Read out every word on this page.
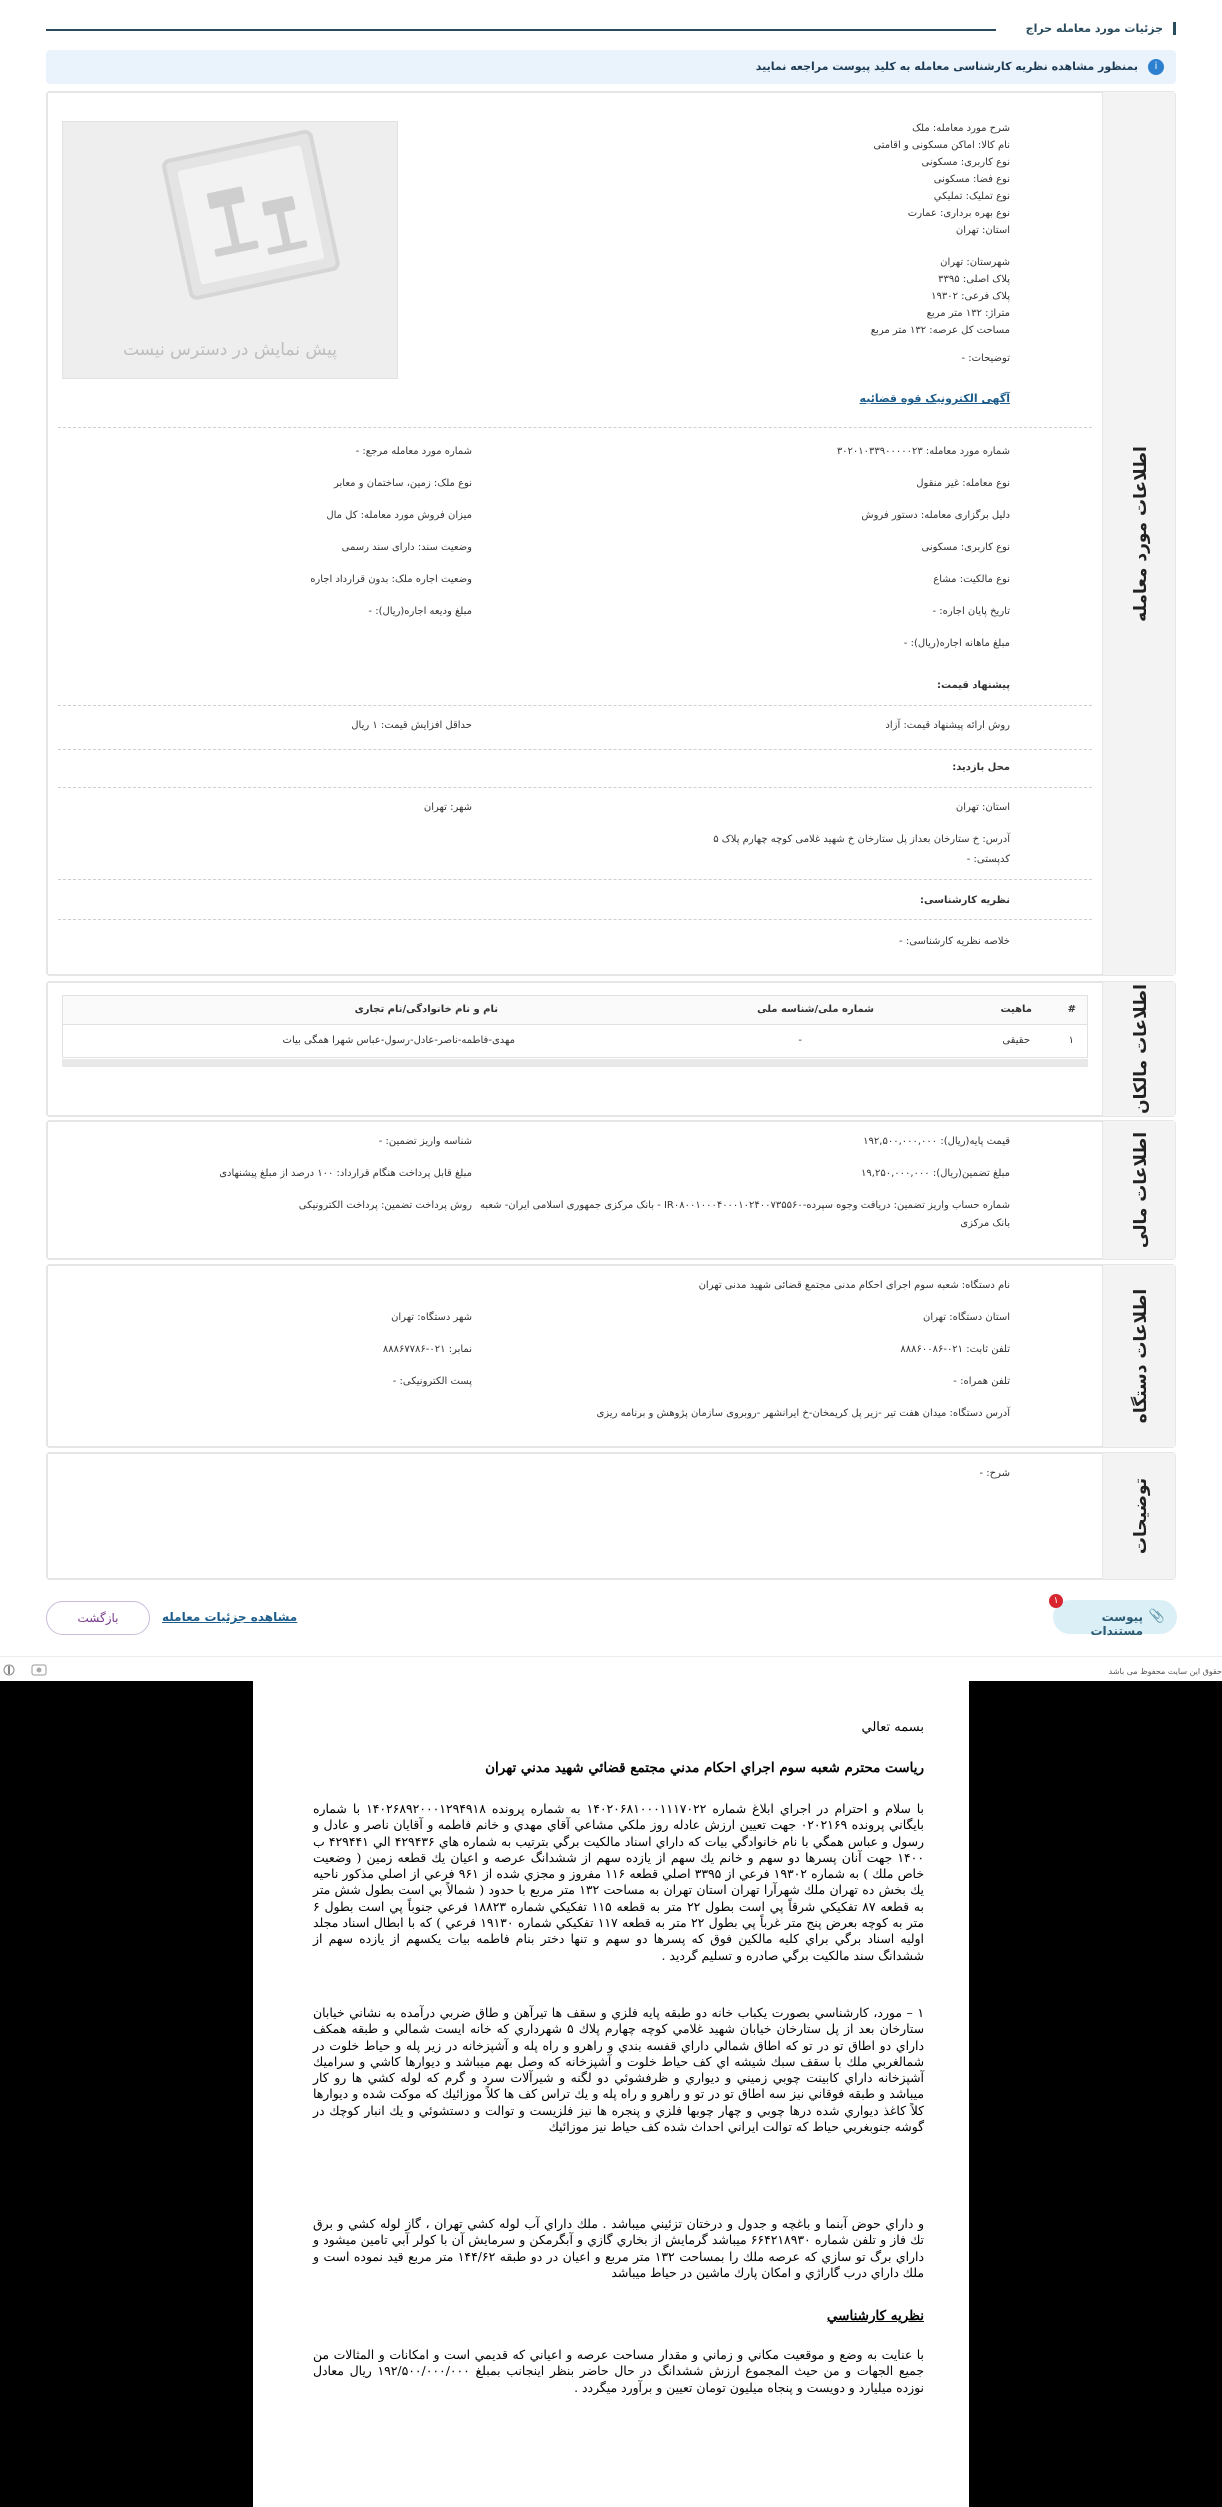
جزئیات مورد معامله حراج
i
بمنظور مشاهده نظریه کارشناسی معامله به کلید پیوست مراجعه نمایید
اطلاعات مورد معامله
پیش نمایش در دسترس نیست
شرح مورد معامله: ملک
نام کالا: اماکن مسکونی و اقامتی
نوع کاربری: مسکونی
نوع فضا: مسکونی
نوع تملیک: تمليكي
نوع بهره برداری: عمارت
استان: تهران
شهرستان: تهران
پلاک اصلی: ۳۳۹۵
پلاک فرعی: ۱۹۳۰۲
متراژ: ۱۳۲ متر مربع
مساحت کل عرصه: ۱۳۲ متر مربع
توضیحات: -
آگهی الکترونیک قوه قضائیه
شماره مورد معامله: ۳۰۲۰۱۰۳۳۹۰۰۰۰۰۲۳
نوع معامله: غیر منقول
دلیل برگزاری معامله: دستور فروش
نوع کاربری: مسکونی
نوع مالکیت: مشاع
تاریخ پایان اجاره: -
مبلغ ماهانه اجاره(ریال): -
شماره مورد معامله مرجع: -
نوع ملک: زمین، ساختمان و معابر
میزان فروش مورد معامله: کل مال
وضعیت سند: دارای سند رسمی
وضعیت اجاره ملک: بدون قرارداد اجاره
مبلغ ودیعه اجاره(ریال): -
پیشنهاد قیمت:
روش ارائه پیشنهاد قیمت: آزاد
حداقل افزایش قیمت: ۱ ریال
محل بازدید:
استان: تهران
شهر: تهران
آدرس: خ ستارخان بعداز پل ستارخان خ شهید غلامی کوچه چهارم پلاک ۵
کدپستی: -
نظریه کارشناسی:
خلاصه نظریه کارشناسی: -
اطلاعات مالکان
#
ماهیت
شماره ملی/شناسه ملی
نام و نام خانوادگی/نام تجاری
۱
حقیقی
-
مهدی-فاطمه-ناصر-عادل-رسول-عباس شهرا همگی بیات
اطلاعات مالی
قیمت پایه(ریال): ۱۹۲,۵۰۰,۰۰۰,۰۰۰
مبلغ تضمین(ریال): ۱۹,۲۵۰,۰۰۰,۰۰۰
شماره حساب واریز تضمین: دریافت وجوه سپرده-IR۰۸۰۰۱۰۰۰۴۰۰۰۱۰۲۴۰۰۷۳۵۵۶۰ - بانک مرکزی جمهوری اسلامی ایران- شعبه
بانک مرکزی
شناسه واریز تضمین: -
مبلغ قابل پرداخت هنگام قرارداد: ۱۰۰ درصد از مبلغ پیشنهادی
روش پرداخت تضمین: پرداخت الکترونیکی
اطلاعات دستگاه
نام دستگاه: شعبه سوم اجرای احکام مدنی مجتمع قضائی شهید مدنی تهران
استان دستگاه: تهران
شهر دستگاه: تهران
تلفن ثابت: ۰۲۱-۸۸۸۶۰۰۸۶
نمابر: ۰۲۱-۸۸۸۶۷۷۸۶
تلفن همراه: -
پست الکترونیکی: -
آدرس دستگاه: میدان هفت تیر -زیر پل کریمخان-خ ایرانشهر -روبروی سازمان پژوهش و برنامه ریزی
توضیحات
شرح: -
۱
📎
پیوست مستندات
بازگشت	مشاهده جزئیات معامله
حقوق این سایت محفوظ می باشد

بسمه تعالي

رياست محترم شعبه سوم اجراي احكام مدني مجتمع قضائي شهيد مدني تهران

با سلام و احترام در اجراي ابلاغ شماره ۱۴۰۲۰۶۸۱۰۰۰۱۱۱۷۰۲۲ به شماره پرونده ۱۴۰۲۶۸۹۲۰۰۰۱۲۹۴۹۱۸ با شماره بايگاني پرونده ۰۲۰۲۱۶۹ جهت تعيين ارزش عادله روز ملكي مشاعي آقاي مهدي و خانم فاطمه و آقايان ناصر و عادل و رسول و عباس همگي با نام خانوادگي بيات كه داراي اسناد مالكيت برگي بترتيب به شماره هاي ۴۲۹۴۳۶ الي ۴۲۹۴۴۱ ب ۱۴۰۰ جهت آنان پسرها دو سهم و خانم يك سهم از يازده سهم از ششدانگ عرصه و اعيان يك قطعه زمين ( وضعيت خاص ملك ) به شماره ۱۹۳۰۲ فرعي از ۳۳۹۵ اصلي قطعه ۱۱۶ مفروز و مجزي شده از ۹۶۱ فرعي از اصلي مذكور ناحيه يك بخش ده تهران ملك شهرآرا تهران استان تهران به مساحت ۱۳۲ متر مربع با حدود ( شمالاً بي است بطول شش متر به قطعه ۸۷ تفكيكي شرقاً پي است بطول ۲۲ متر به قطعه ۱۱۵ تفكيكي شماره ۱۸۸۲۳ فرعي جنوباً پي است بطول ۶ متر به كوچه بعرض پنج متر غرباً پي بطول ۲۲ متر به قطعه ۱۱۷ تفكيكي شماره ۱۹۱۳۰ فرعي ) كه با ابطال اسناد مجلد اوليه اسناد برگي براي كليه مالكين فوق كه پسرها دو سهم و تنها دختر بنام فاطمه بيات يكسهم از يازده سهم از ششدانگ سند مالكيت برگي صادره و تسليم گرديد .

۱ – مورد، كارشناسي بصورت يكباب خانه دو طبقه پايه فلزي و سقف ها تيرآهن و طاق ضربي درآمده به نشاني خيابان ستارخان بعد از پل ستارخان خيابان شهيد غلامي كوچه چهارم پلاك ۵ شهرداري كه خانه ايست شمالي و طبقه همكف داراي دو اطاق تو در تو كه اطاق شمالي داراي قفسه بندي و راهرو و راه پله و آشپزخانه در زير پله و حياط خلوت در شمالغربي ملك با سقف سبك شيشه اي كف حياط خلوت و آشپزخانه كه وصل بهم ميباشد و ديوارها كاشي و سراميك آشپزخانه داراي كابينت چوبي زميني و ديواري و ظرفشوئي دو لگنه و شيرآلات سرد و گرم كه لوله كشي ها رو كار ميباشد و طبقه فوقاني نيز سه اطاق تو در تو و راهرو و راه پله و يك تراس كف ها كلاً موزائيك كه موكت شده و ديوارها كلاً كاغذ ديواري شده درها چوبي و چهار چوبها فلزي و پنجره ها نيز فلزيست و توالت و دستشوئي و يك انبار كوچك در گوشه جنوبغربي حياط كه توالت ايراني احداث شده كف حياط نيز موزائيك

و داراي حوض آبنما و باغچه و جدول و درختان تزئيني ميباشد . ملك داراي آب لوله كشي تهران ، گاز لوله كشي و برق تك فاز و تلفن شماره ۶۶۴۲۱۸۹۳۰ ميباشد گرمايش از بخاري گازي و آبگرمكن و سرمايش آن با كولر آبي تامين ميشود و داراي برگ تو سازي كه عرصه ملك را بمساحت ۱۳۲ متر مربع و اعيان در دو طبقه ۱۴۴/۶۲ متر مربع قيد نموده است و ملك داراي درب گاراژي و امكان پارك ماشين در حياط ميباشد

نظريه كارشناسي

با عنايت به وضع و موقعيت مكاني و زماني و مقدار مساحت عرصه و اعياني كه قديمي است و امكانات و المثالات من جميع الجهات و من حيث المجموع ارزش ششدانگ در حال حاضر بنظر اينجانب بمبلغ ۱۹۲/۵۰۰/۰۰۰/۰۰۰ ريال معادل نوزده ميلیارد و دويست و پنجاه ميليون تومان تعيين و برآورد ميگردد .
